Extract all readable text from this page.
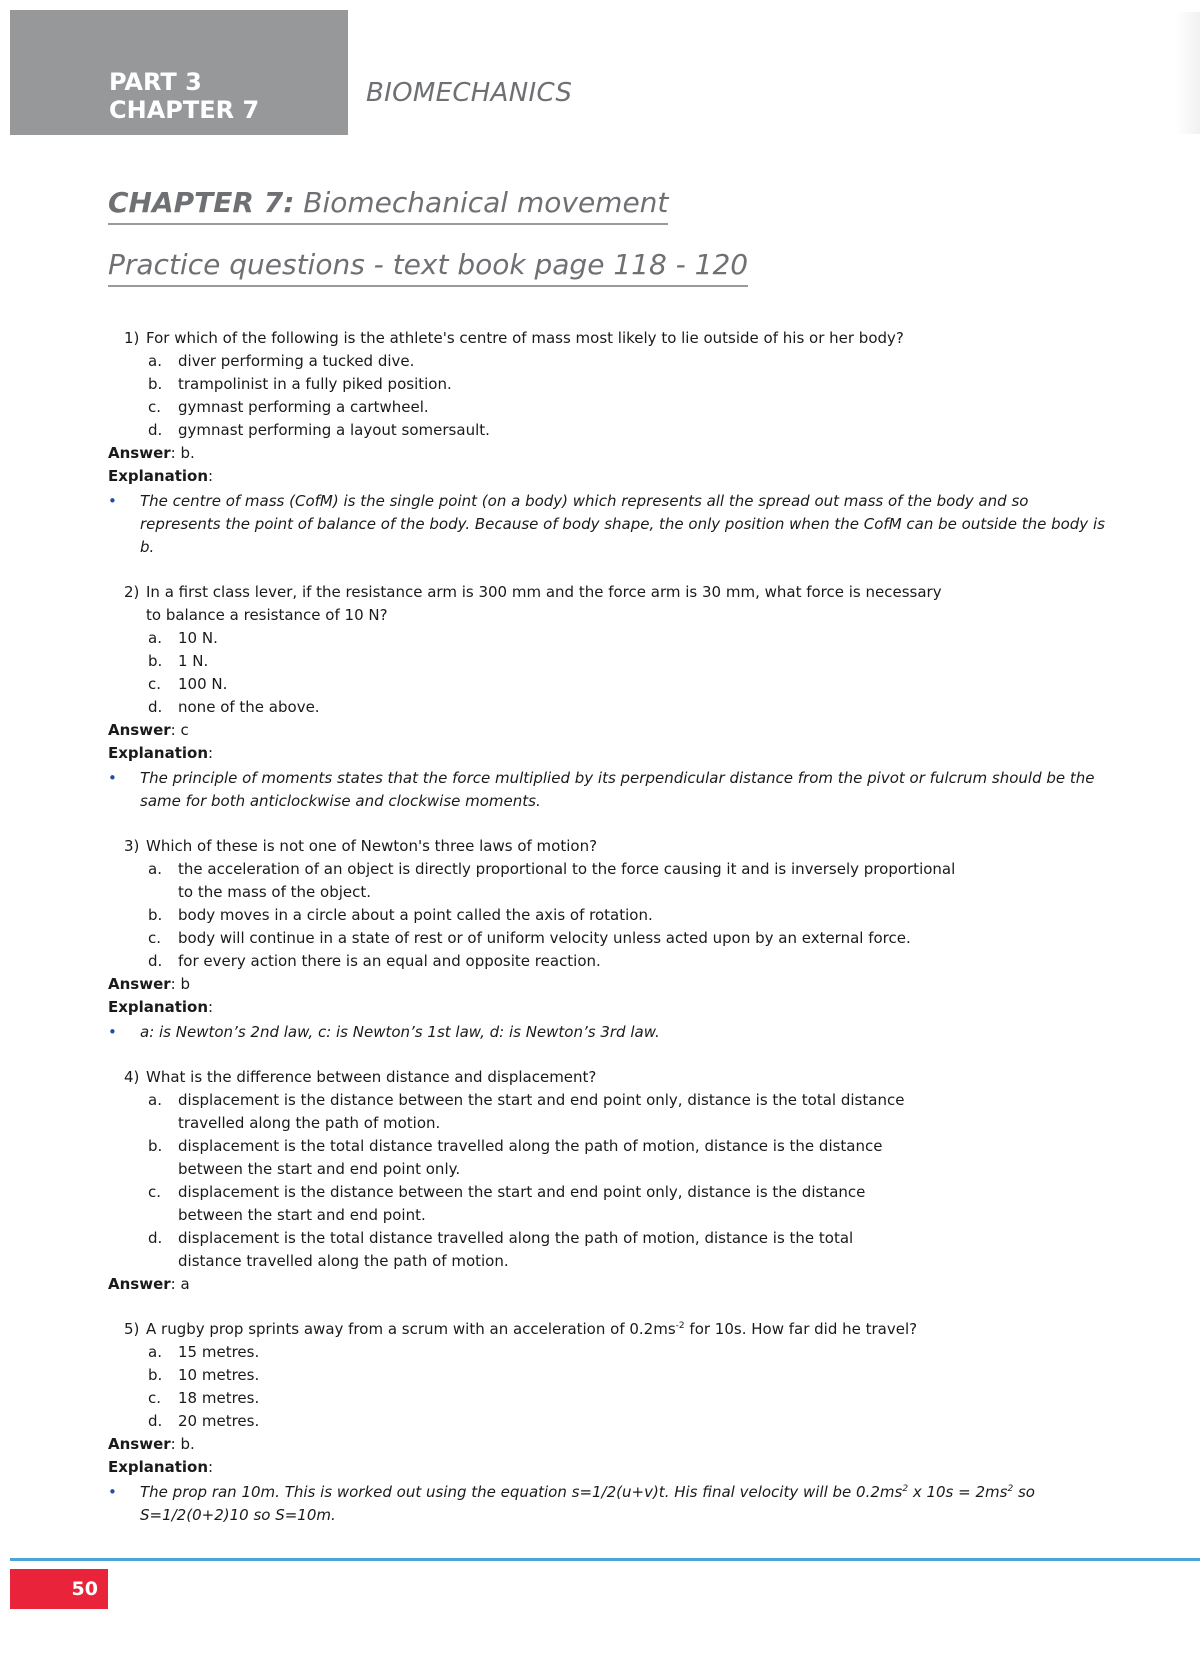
PART 3
CHAPTER 7
BIOMECHANICS
CHAPTER 7: Biomechanical movement
Practice questions - text book page 118 - 120
1) For which of the following is the athlete's centre of mass most likely to lie outside of his or her body?
a. diver performing a tucked dive.
b. trampolinist in a fully piked position.
c. gymnast performing a cartwheel.
d. gymnast performing a layout somersault.
Answer: b.
Explanation:
• The centre of mass (CofM) is the single point (on a body) which represents all the spread out mass of the body and so represents the point of balance of the body. Because of body shape, the only position when the CofM can be outside the body is b.
2) In a first class lever, if the resistance arm is 300 mm and the force arm is 30 mm, what force is necessary
to balance a resistance of 10 N?
a. 10 N.
b. 1 N.
c. 100 N.
d. none of the above.
Answer: c
Explanation:
• The principle of moments states that the force multiplied by its perpendicular distance from the pivot or fulcrum should be the same for both anticlockwise and clockwise moments.
3) Which of these is not one of Newton's three laws of motion?
a. the acceleration of an object is directly proportional to the force causing it and is inversely proportional
to the mass of the object.
b. body moves in a circle about a point called the axis of rotation.
c. body will continue in a state of rest or of uniform velocity unless acted upon by an external force.
d. for every action there is an equal and opposite reaction.
Answer: b
Explanation:
• a: is Newton’s 2nd law, c: is Newton’s 1st law, d: is Newton’s 3rd law.
4) What is the difference between distance and displacement?
a. displacement is the distance between the start and end point only, distance is the total distance
travelled along the path of motion.
b. displacement is the total distance travelled along the path of motion, distance is the distance
between the start and end point only.
c. displacement is the distance between the start and end point only, distance is the distance
between the start and end point.
d. displacement is the total distance travelled along the path of motion, distance is the total
distance travelled along the path of motion.
Answer: a
5) A rugby prop sprints away from a scrum with an acceleration of $0.2ms^{-2}$ for 10s. How far did he travel?
a. 15 metres.
b. 10 metres.
c. 18 metres.
d. 20 metres.
Answer: b.
Explanation:
• The prop ran 10m. This is worked out using the equation s=1/2(u+v)t. His final velocity will be $0.2ms^2$ x $10s = 2ms^2$ so
S=1/2(0+2)10 so S=10m.
50
